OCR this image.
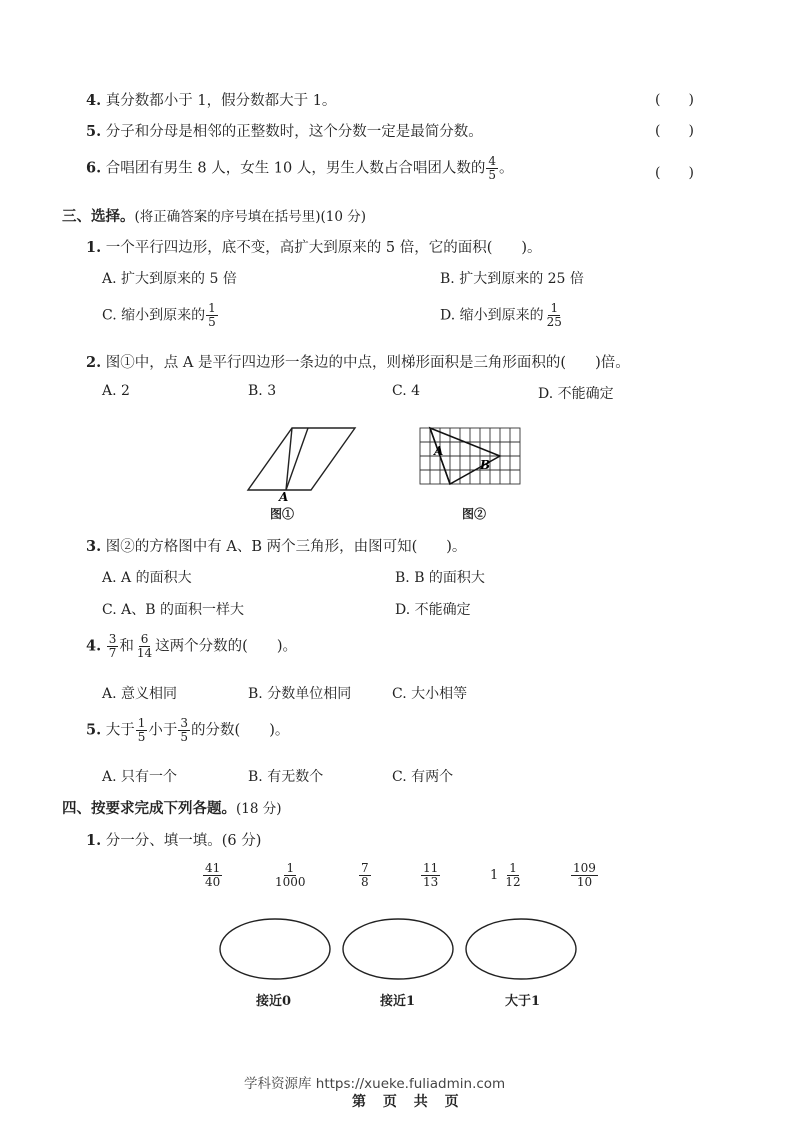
4. 真分数都小于 1，假分数都大于 1。	(　　)
5. 分子和分母是相邻的正整数时，这个分数一定是最简分数。	(　　)
6. 合唱团有男生 8 人，女生 10 人，男生人数占合唱团人数的 $\frac{4}{5}$ 。	(　　)
三、选择。(将正确答案的序号填在括号里)(10 分)
1. 一个平行四边形，底不变，高扩大到原来的 5 倍，它的面积(　　)。
A. 扩大到原来的 5 倍	B. 扩大到原来的 25 倍
C. 缩小到原来的 $\frac{1}{5}$	D. 缩小到原来的 $\frac{1}{25}$
2. 图①中，点 A 是平行四边形一条边的中点，则梯形面积是三角形面积的(　　)倍。
A. 2	B. 3	C. 4	D. 不能确定
A
图①
A
B
图②
3. 图②的方格图中有 A、B 两个三角形，由图可知(　　)。
A. A 的面积大	B. B 的面积大
C. A、B 的面积一样大	D. 不能确定
4. $\frac{3}{7}$ 和 $\frac{6}{14}$ 这两个分数的(　　)。
A. 意义相同	B. 分数单位相同	C. 大小相等
5. 大于 $\frac{1}{5}$ 小于 $\frac{3}{5}$ 的分数(　　)。
A. 只有一个	B. 有无数个	C. 有两个
四、按要求完成下列各题。(18 分)
1. 分一分、填一填。(6 分)
$\frac{41}{40}$	$\frac{1}{1000}$	$\frac{7}{8}$	$\frac{11}{13}$	$1 \frac{1}{12}$	$\frac{109}{10}$
接近0	接近1	大于1
学科资源库 https://xueke.fuliadmin.com
第 页 共 页
